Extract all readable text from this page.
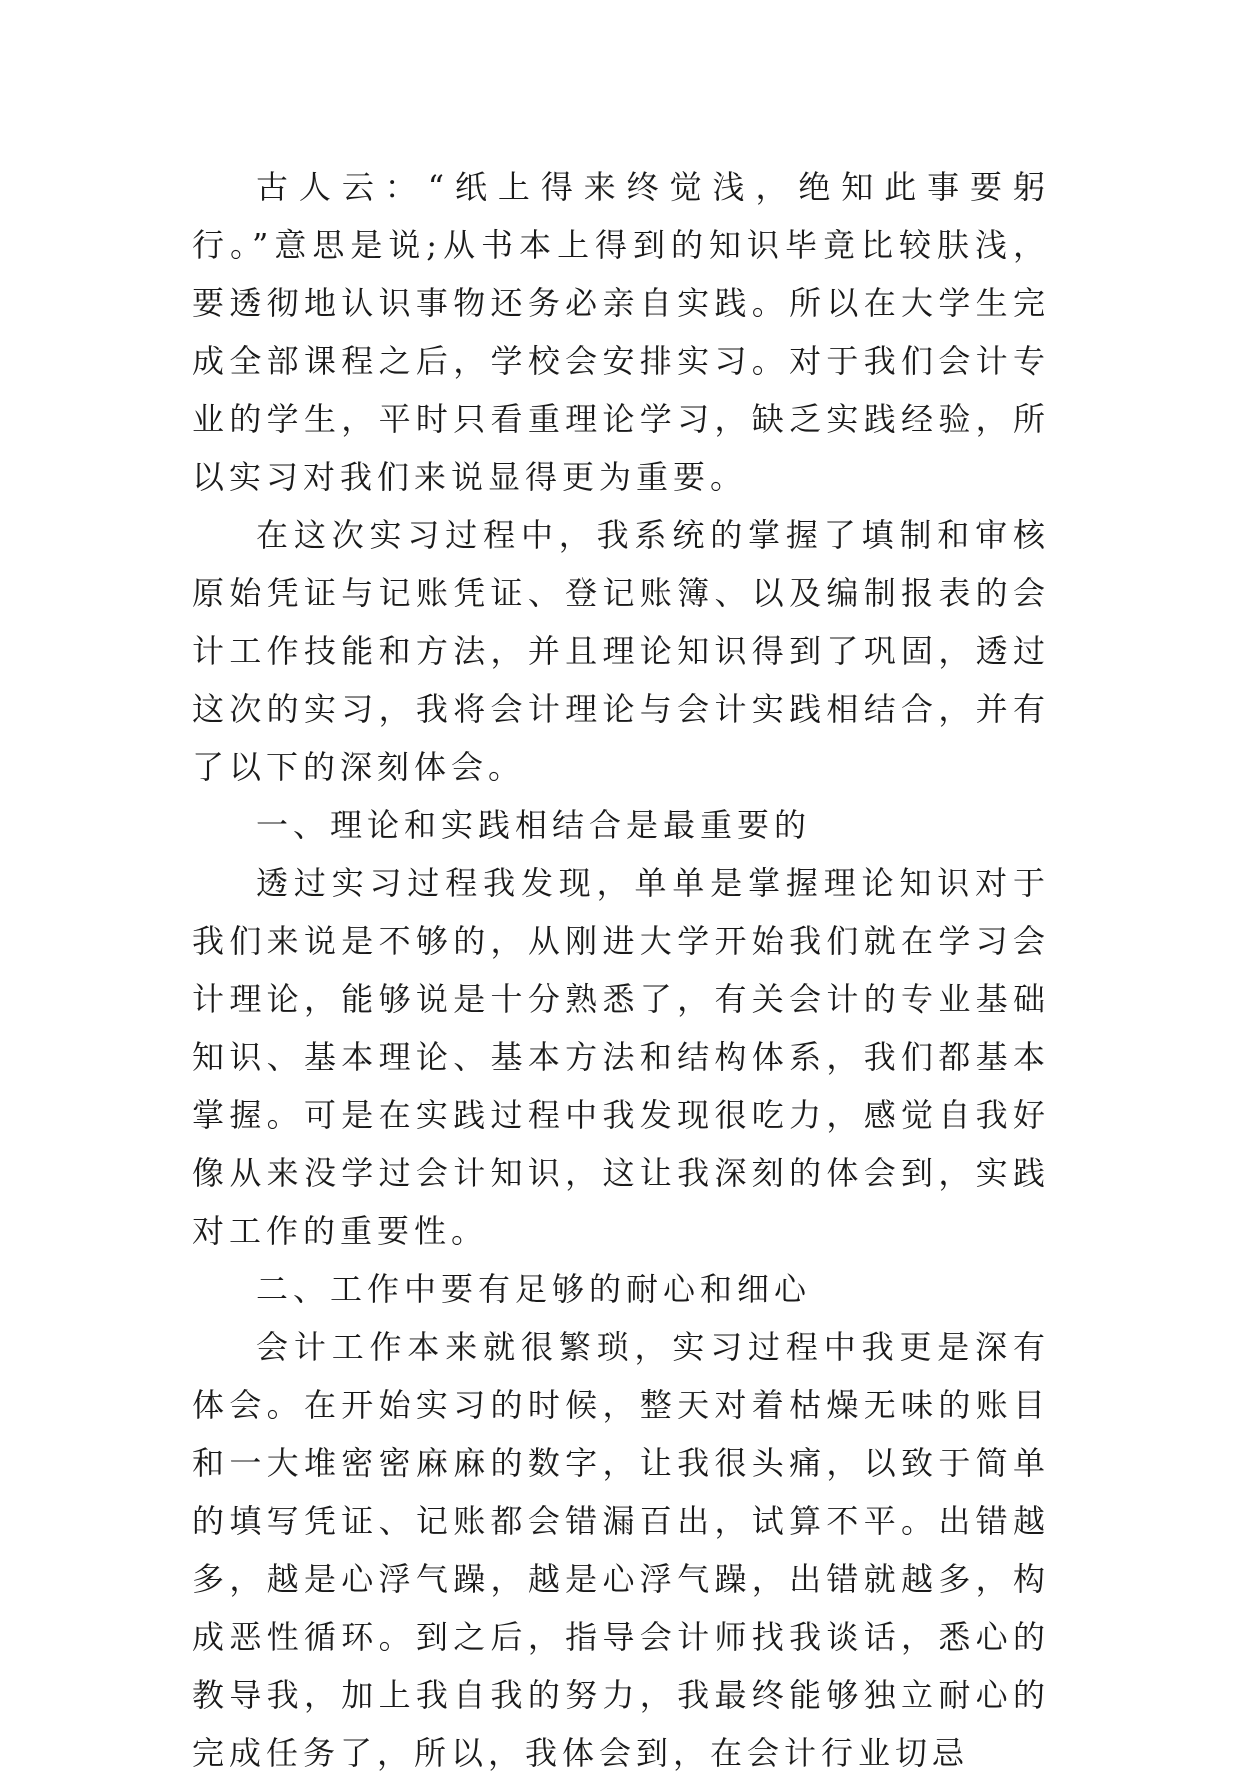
古人云：“纸上得来终觉浅，绝知此事要躬行。”意思是说;从书本上得到的知识毕竟比较肤浅，要透彻地认识事物还务必亲自实践。所以在大学生完成全部课程之后，学校会安排实习。对于我们会计专业的学生，平时只看重理论学习，缺乏实践经验，所以实习对我们来说显得更为重要。

在这次实习过程中，我系统的掌握了填制和审核原始凭证与记账凭证、登记账簿、以及编制报表的会计工作技能和方法，并且理论知识得到了巩固，透过这次的实习，我将会计理论与会计实践相结合，并有了以下的深刻体会。

一、理论和实践相结合是最重要的

透过实习过程我发现，单单是掌握理论知识对于我们来说是不够的，从刚进大学开始我们就在学习会计理论，能够说是十分熟悉了，有关会计的专业基础知识、基本理论、基本方法和结构体系，我们都基本掌握。可是在实践过程中我发现很吃力，感觉自我好像从来没学过会计知识，这让我深刻的体会到，实践对工作的重要性。

二、工作中要有足够的耐心和细心

会计工作本来就很繁琐，实习过程中我更是深有体会。在开始实习的时候，整天对着枯燥无味的账目和一大堆密密麻麻的数字，让我很头痛，以致于简单的填写凭证、记账都会错漏百出，试算不平。出错越多，越是心浮气躁，越是心浮气躁，出错就越多，构成恶性循环。到之后，指导会计师找我谈话，悉心的教导我，加上我自我的努力，我最终能够独立耐心的完成任务了，所以，我体会到，在会计行业切忌
